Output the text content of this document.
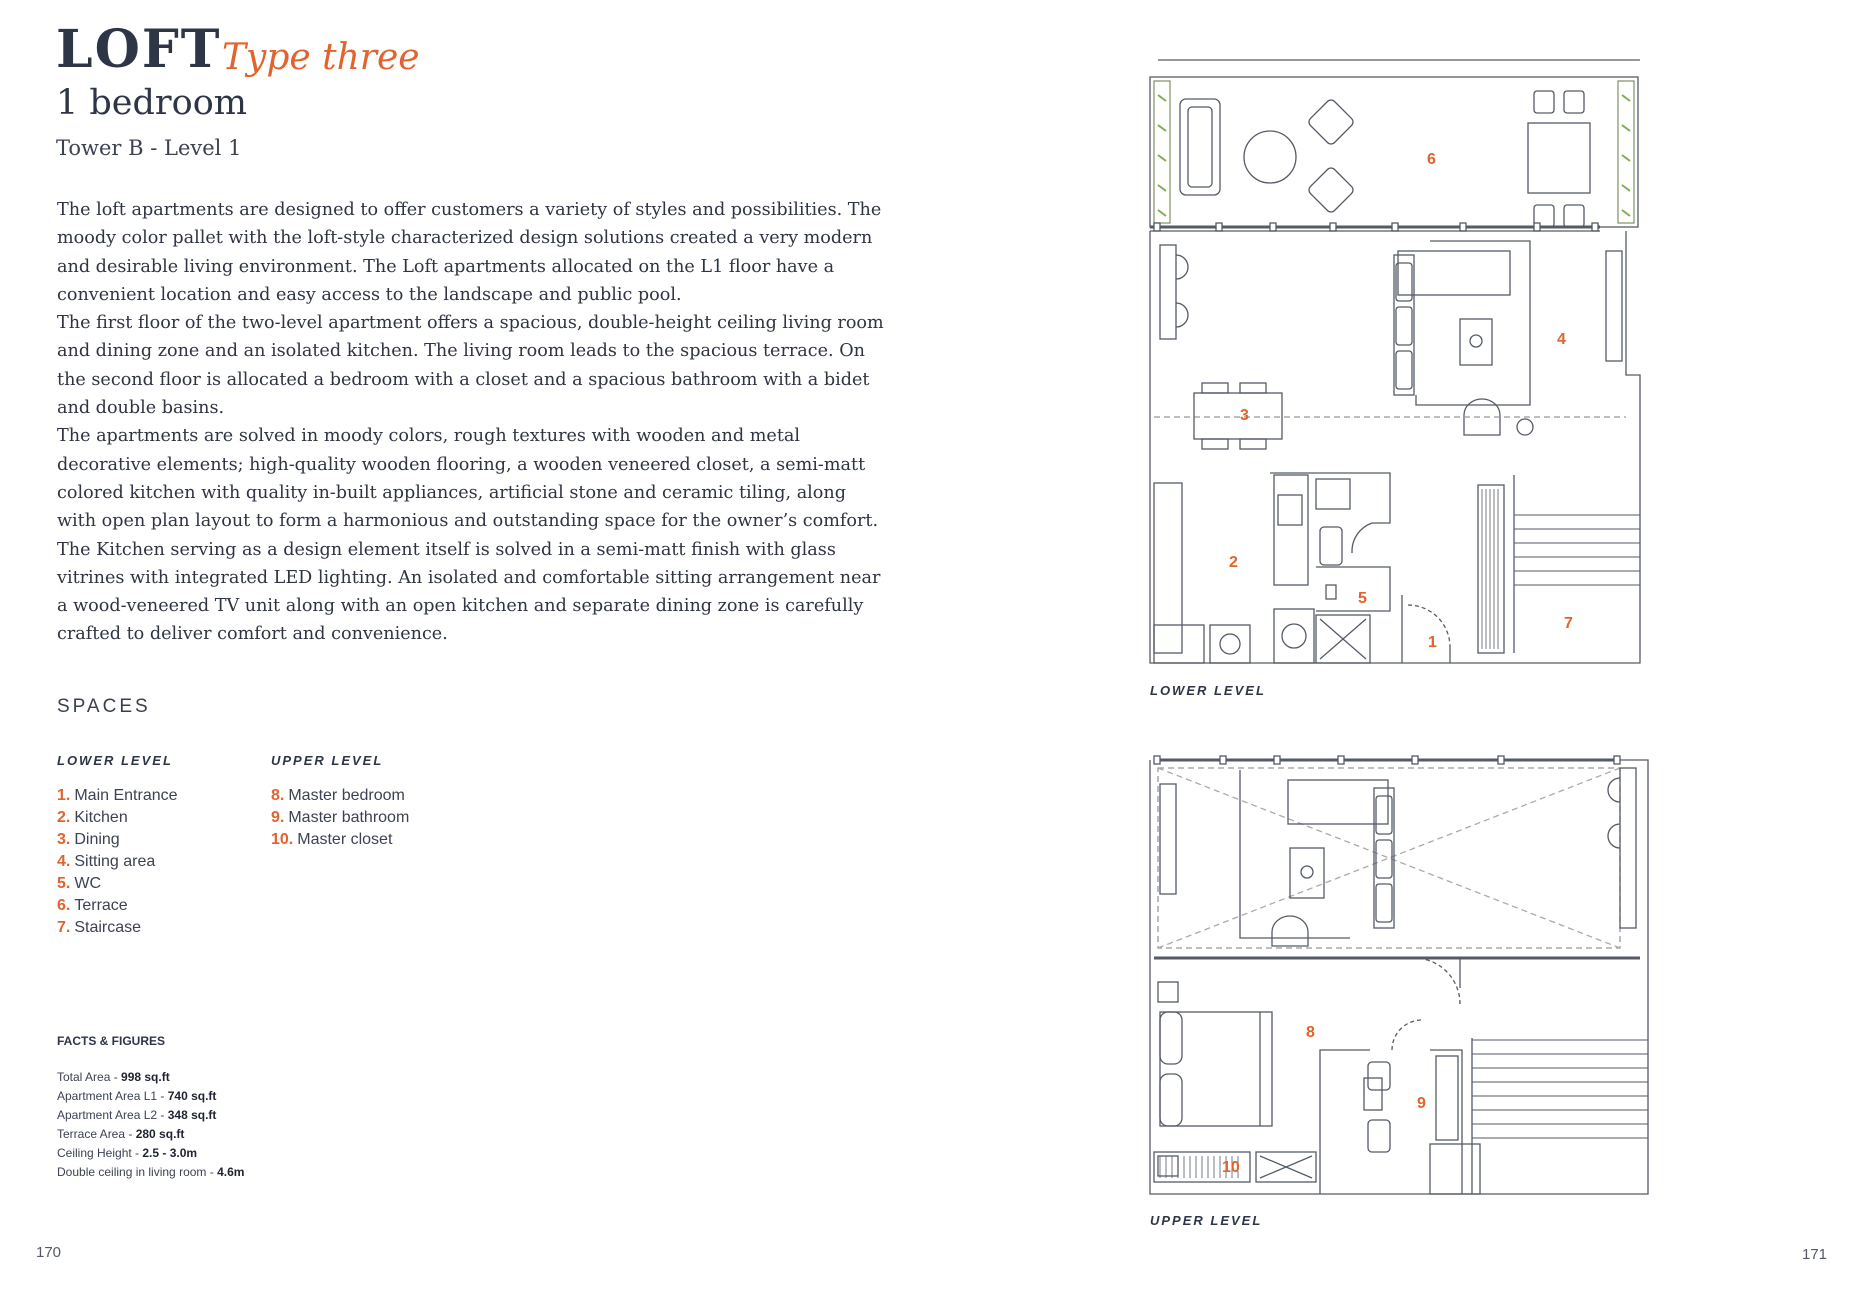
LOFT Type three
1 bedroom
Tower B - Level 1

The loft apartments are designed to offer customers a variety of styles and possibilities. The moody color pallet with the loft-style characterized design solutions created a very modern and desirable living environment. The Loft apartments allocated on the L1 floor have a convenient location and easy access to the landscape and public pool.

The first floor of the two-level apartment offers a spacious, double-height ceiling living room and dining zone and an isolated kitchen. The living room leads to the spacious terrace. On the second floor is allocated a bedroom with a closet and a spacious bathroom with a bidet and double basins.

The apartments are solved in moody colors, rough textures with wooden and metal decorative elements; high-quality wooden flooring, a wooden veneered closet, a semi-matt colored kitchen with quality in-built appliances, artificial stone and ceramic tiling, along with open plan layout to form a harmonious and outstanding space for the owner’s comfort. The Kitchen serving as a design element itself is solved in a semi-matt finish with glass vitrines with integrated LED lighting. An isolated and comfortable sitting arrangement near a wood-veneered TV unit along with an open kitchen and separate dining zone is carefully crafted to deliver comfort and convenience.

SPACES
LOWER LEVEL	UPPER LEVEL
1. Main Entrance
2. Kitchen
3. Dining
4. Sitting area
5. WC
6. Terrace
7. Staircase
8. Master bedroom
9. Master bathroom
10. Master closet
FACTS & FIGURES
Total Area - 998 sq.ft
Apartment Area L1 - 740 sq.ft
Apartment Area L2 - 348 sq.ft
Terrace Area - 280 sq.ft
Ceiling Height - 2.5 - 3.0m
Double ceiling in living room - 4.6m
170	171
6
4
3
2
5
7
1
LOWER LEVEL
8
9
10
UPPER LEVEL
